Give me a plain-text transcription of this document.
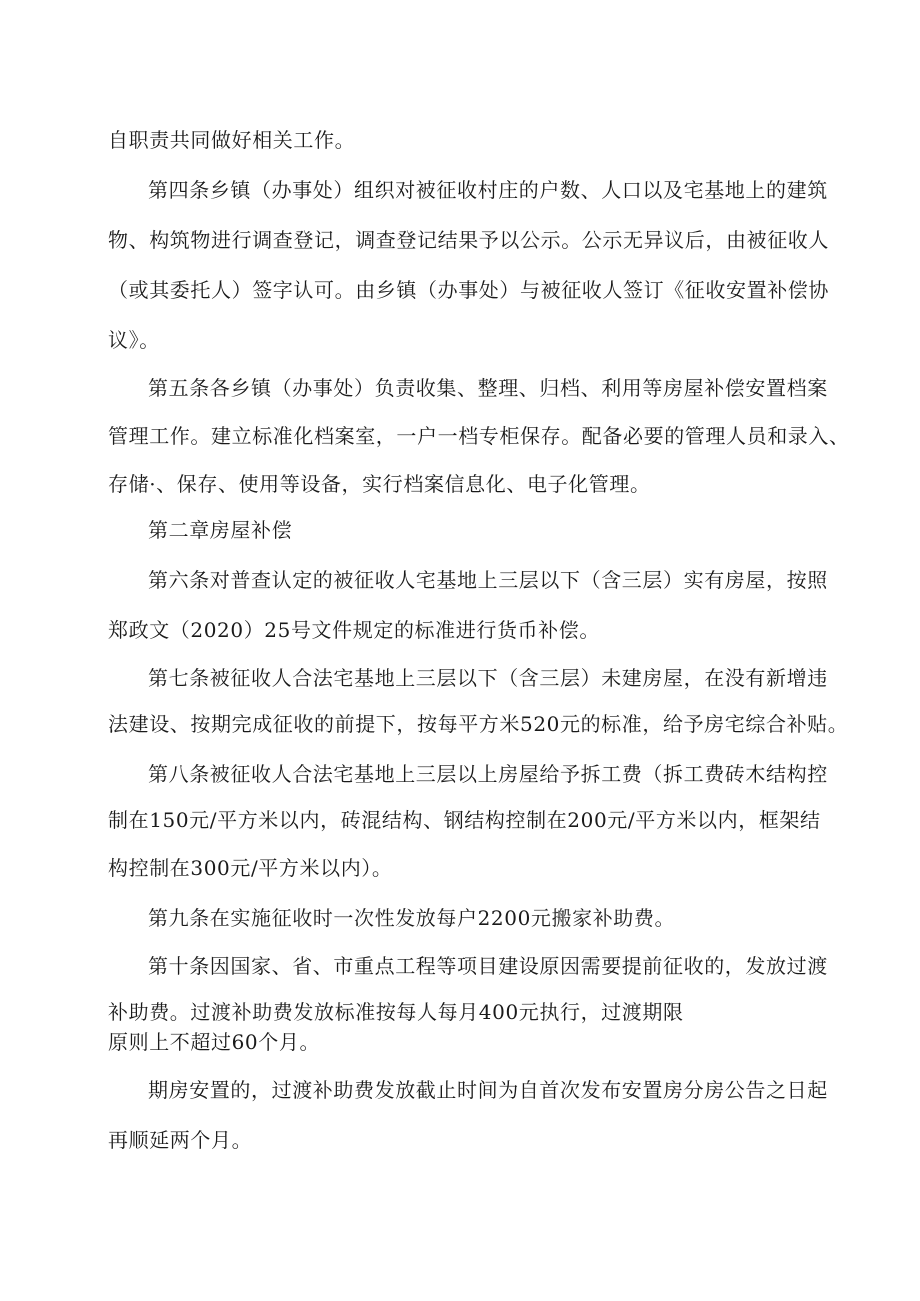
自职责共同做好相关工作。
第四条乡镇（办事处）组织对被征收村庄的户数、人口以及宅基地上的建筑
物、构筑物进行调查登记，调查登记结果予以公示。公示无异议后，由被征收人
（或其委托人）签字认可。由乡镇（办事处）与被征收人签订《征收安置补偿协
议》。
第五条各乡镇（办事处）负责收集、整理、归档、利用等房屋补偿安置档案
管理工作。建立标准化档案室，一户一档专柜保存。配备必要的管理人员和录入、
存储·、保存、使用等设备，实行档案信息化、电子化管理。
第二章房屋补偿
第六条对普查认定的被征收人宅基地上三层以下（含三层）实有房屋，按照
郑政文（2020）25号文件规定的标准进行货币补偿。
第七条被征收人合法宅基地上三层以下（含三层）未建房屋，在没有新增违
法建设、按期完成征收的前提下，按每平方米520元的标准，给予房宅综合补贴。
第八条被征收人合法宅基地上三层以上房屋给予拆工费（拆工费砖木结构控
制在150元/平方米以内，砖混结构、钢结构控制在200元/平方米以内，框架结
构控制在300元/平方米以内）。
第九条在实施征收时一次性发放每户2200元搬家补助费。
第十条因国家、省、市重点工程等项目建设原因需要提前征收的，发放过渡
补助费。过渡补助费发放标准按每人每月400元执行，过渡期限
原则上不超过60个月。
期房安置的，过渡补助费发放截止时间为自首次发布安置房分房公告之日起
再顺延两个月。
